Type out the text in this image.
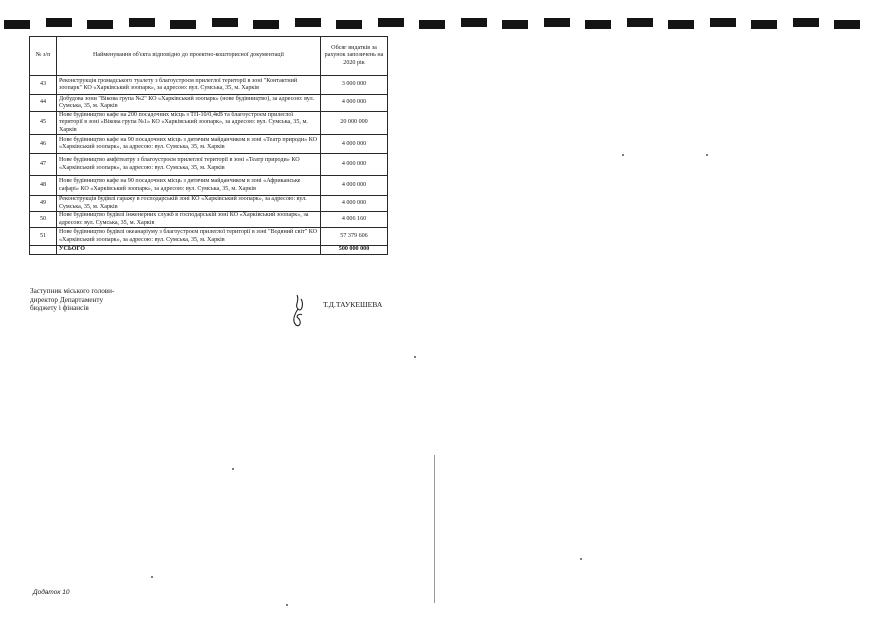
№ з/п	Найменування об'єкта відповідно до проектно-кошторисної документації	Обсяг видатків за рахунок запозичень на 2020 рік
43	Реконструкція громадського туалету з благоустроєм прилеглої території в зоні "Контактний зоопарк" КО «Харківський зоопарк», за адресою: вул. Сумська, 35, м. Харків	3 000 000
44	Добудова зони "Вікова група №2" КО «Харківський зоопарк» (нове будівництво), за адресою: вул. Сумська, 35, м. Харків	4 000 000
45	Нове будівництво кафе на 200 посадочних місць з ТП-10/0,4кВ та благоустроєм прилеглої території в зоні «Вікова група №1» КО «Харківський зоопарк», за адресою: вул. Сумська, 35, м. Харків	20 000 000
46	Нове будівництво кафе на 90 посадочних місць з дитячим майданчиком в зоні «Театр природи» КО «Харківський зоопарк», за адресою: вул. Сумська, 35, м. Харків	4 000 000
47	Нове будівництво амфітеатру з благоустроєм прилеглої території в зоні «Театр природи» КО «Харківський зоопарк», за адресою: вул. Сумська, 35, м. Харків	4 000 000
48	Нове будівництво кафе на 90 посадочних місць з дитячим майданчиком в зоні «Африканське сафарі» КО «Харківський зоопарк», за адресою: вул. Сумська, 35, м. Харків	4 000 000
49	Реконструкція будівлі гаражу в господарській зоні КО «Харківський зоопарк», за адресою: вул. Сумська, 35, м. Харків	4 000 000
50	Нове будівництво будівлі інженерних служб в господарській зоні КО «Харківський зоопарк», за адресою: вул. Сумська, 35, м. Харків	4 006 160
51	Нове будівництво будівлі океанаріуму з благоустроєм прилеглої території в зоні "Водяний світ" КО «Харківський зоопарк», за адресою: вул. Сумська, 35, м. Харків	57 379 606
	УСЬОГО	500 000 000
Заступник міського голови-
директор Департаменту
бюджету і фінансів	Т.Д.ТАУКЕШЕВА
Додаток 10
